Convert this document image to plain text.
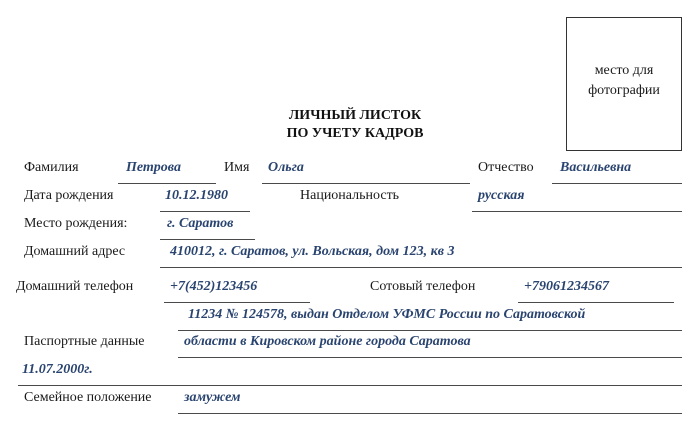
место для
фотографии
ЛИЧНЫЙ ЛИСТОК
ПО УЧЕТУ КАДРОВ
Фамилия	Петрова	Имя Ольга	Отчество Васильевна
Дата рождения	10.12.1980	Национальность	русская
Место рождения:	г. Саратов
Домашний адрес	410012, г. Саратов, ул. Вольская, дом 123, кв 3
Домашний телефон	+7(452)123456	Сотовый телефон	+79061234567
11234 № 124578, выдан Отделом УФМС России по Саратовской
Паспортные данные	области в Кировском районе города Саратова
11.07.2000г.
Семейное положение замужем
